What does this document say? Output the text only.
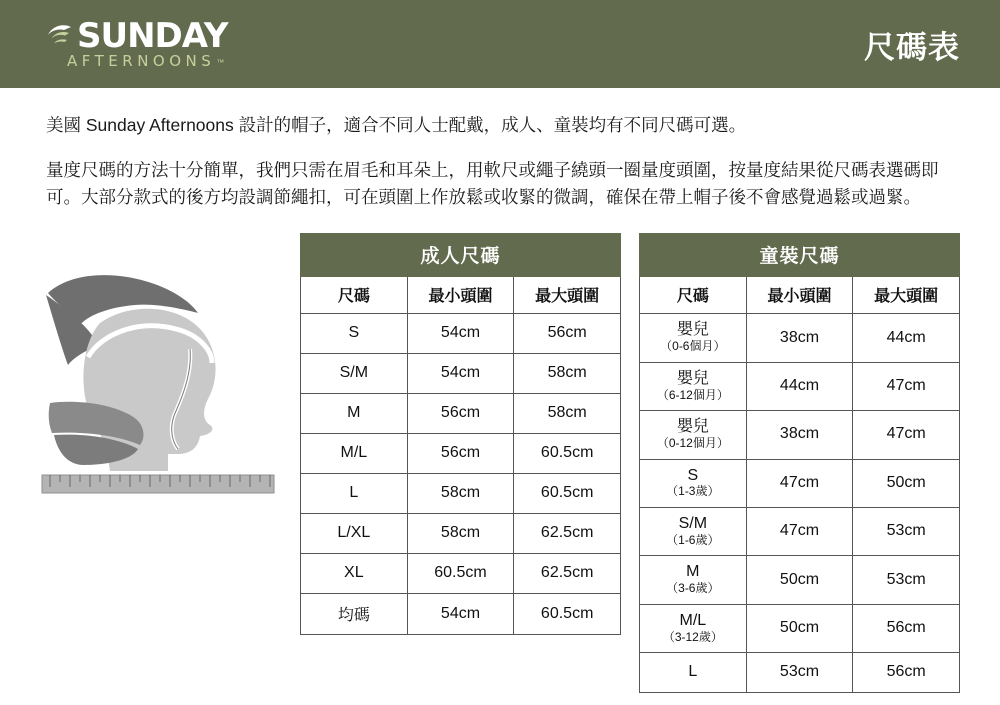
SUNDAY
AFTERNOONS ™	尺碼表

美國 Sunday Afternoons 設計的帽子，適合不同人士配戴，成人、童裝均有不同尺碼可選。

量度尺碼的方法十分簡單，我們只需在眉毛和耳朵上，用軟尺或繩子繞頭一圈量度頭圍，按量度結果從尺碼表選碼即可。大部分款式的後方均設調節繩扣，可在頭圍上作放鬆或收緊的微調，確保在帶上帽子後不會感覺過鬆或過緊。

成人尺碼		
尺碼	最小頭圍	最大頭圍
S	54cm	56cm
S/M	54cm	58cm
M	56cm	58cm
M/L	56cm	60.5cm
L	58cm	60.5cm
L/XL	58cm	62.5cm
XL	60.5cm	62.5cm
均碼	54cm	60.5cm
童裝尺碼		
尺碼	最小頭圍	最大頭圍

嬰兒
（0-6個月）	38cm	44cm

嬰兒
（6-12個月）	44cm	47cm

嬰兒
（0-12個月）	38cm	47cm

S
（1-3歲）	47cm	50cm

S/M
（1-6歲）	47cm	53cm

M
（3-6歲）	50cm	53cm

M/L
（3-12歲）	50cm	56cm
L	53cm	56cm
